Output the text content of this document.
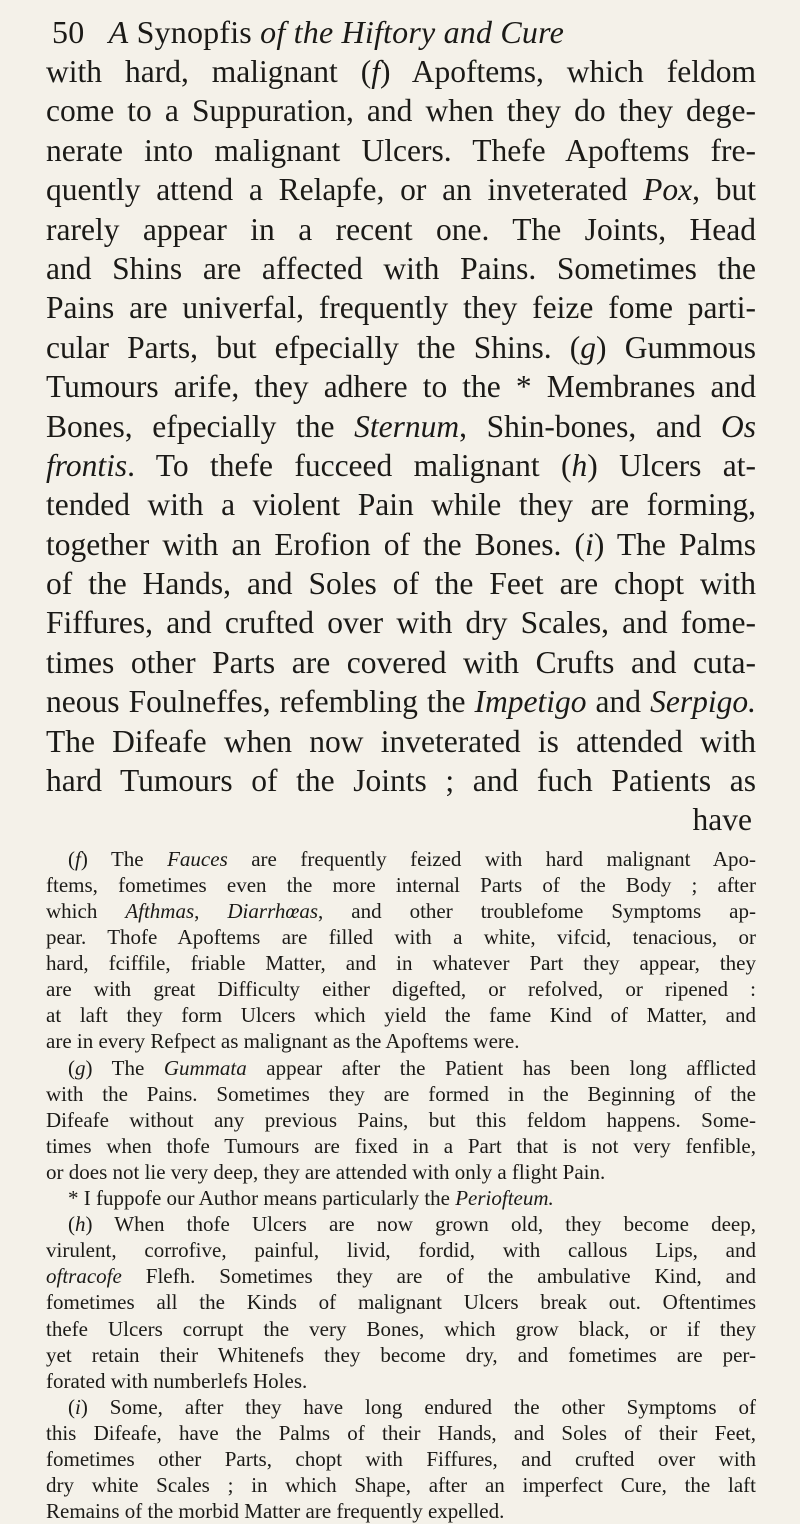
50 A Synopfis of the Hiftory and Cure
with hard, malignant (f) Apoftems, which feldom
come to a Suppuration, and when they do they dege-
nerate into malignant Ulcers. Thefe Apoftems fre-
quently attend a Relapfe, or an inveterated Pox, but
rarely appear in a recent one. The Joints, Head
and Shins are affected with Pains. Sometimes the
Pains are univerfal, frequently they feize fome parti-
cular Parts, but efpecially the Shins. (g) Gummous
Tumours arife, they adhere to the * Membranes and
Bones, efpecially the Sternum, Shin-bones, and Os
frontis. To thefe fucceed malignant (h) Ulcers at-
tended with a violent Pain while they are forming,
together with an Erofion of the Bones. (i) The Palms
of the Hands, and Soles of the Feet are chopt with
Fiffures, and crufted over with dry Scales, and fome-
times other Parts are covered with Crufts and cuta-
neous Foulneffes, refembling the Impetigo and Serpigo.
The Difeafe when now inveterated is attended with
hard Tumours of the Joints ; and fuch Patients as
have
(f) The Fauces are frequently feized with hard malignant Apo-
ftems, fometimes even the more internal Parts of the Body ; after
which Afthmas, Diarrhœas, and other troublefome Symptoms ap-
pear. Thofe Apoftems are filled with a white, vifcid, tenacious, or
hard, fciffile, friable Matter, and in whatever Part they appear, they
are with great Difficulty either digefted, or refolved, or ripened :
at laft they form Ulcers which yield the fame Kind of Matter, and
are in every Refpect as malignant as the Apoftems were.
(g) The Gummata appear after the Patient has been long afflicted
with the Pains. Sometimes they are formed in the Beginning of the
Difeafe without any previous Pains, but this feldom happens. Some-
times when thofe Tumours are fixed in a Part that is not very fenfible,
or does not lie very deep, they are attended with only a flight Pain.
* I fuppofe our Author means particularly the Periofteum.
(h) When thofe Ulcers are now grown old, they become deep,
virulent, corrofive, painful, livid, fordid, with callous Lips, and
oftracofe Flefh. Sometimes they are of the ambulative Kind, and
fometimes all the Kinds of malignant Ulcers break out. Oftentimes
thefe Ulcers corrupt the very Bones, which grow black, or if they
yet retain their Whitenefs they become dry, and fometimes are per-
forated with numberlefs Holes.
(i) Some, after they have long endured the other Symptoms of
this Difeafe, have the Palms of their Hands, and Soles of their Feet,
fometimes other Parts, chopt with Fiffures, and crufted over with
dry white Scales ; in which Shape, after an imperfect Cure, the laft
Remains of the morbid Matter are frequently expelled.
